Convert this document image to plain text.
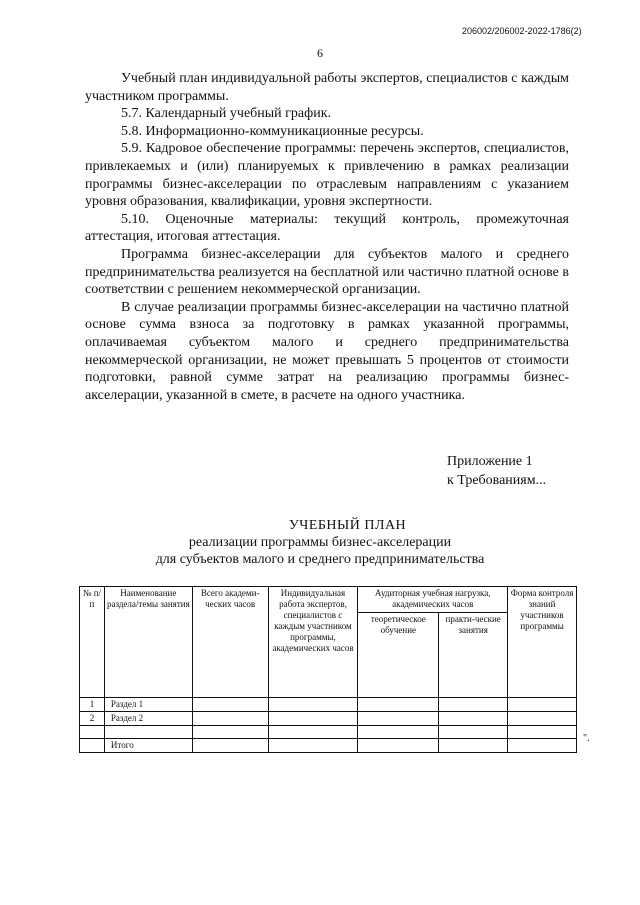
206002/206002-2022-1786(2)
6

Учебный план индивидуальной работы экспертов, специалистов с каждым участником программы.

5.7. Календарный учебный график.

5.8. Информационно-коммуникационные ресурсы.

5.9. Кадровое обеспечение программы: перечень экспертов, специалистов, привлекаемых и (или) планируемых к привлечению в рамках реализации программы бизнес-акселерации по отраслевым направлениям с указанием уровня образования, квалификации, уровня экспертности.

5.10. Оценочные материалы: текущий контроль, промежуточная аттестация, итоговая аттестация.

Программа бизнес-акселерации для субъектов малого и среднего предпринимательства реализуется на бесплатной или частично платной основе в соответствии с решением некоммерческой организации.

В случае реализации программы бизнес-акселерации на частично платной основе сумма взноса за подготовку в рамках указанной программы, оплачиваемая субъектом малого и среднего предпринимательства некоммерческой организации, не может превышать 5 процентов от стоимости подготовки, равной сумме затрат на реализацию программы бизнес-акселерации, указанной в смете, в расчете на одного участника.

Приложение 1
к Требованиям...
УЧЕБНЫЙ ПЛАН
реализации программы бизнес-акселерации
для субъектов малого и среднего предпринимательства
№ п/п	Наименование раздела/темы занятия	Всего академи-ческих часов	Индивидуальная работа экспертов, специалистов с каждым участником программы, академических часов	Аудиторная учебная нагрузка, академических часов		Форма контроля знаний участников программы
				теоретическое обучение	практи-ческие занятия	
1	Раздел 1					
2	Раздел 2					

	Итого					
".
